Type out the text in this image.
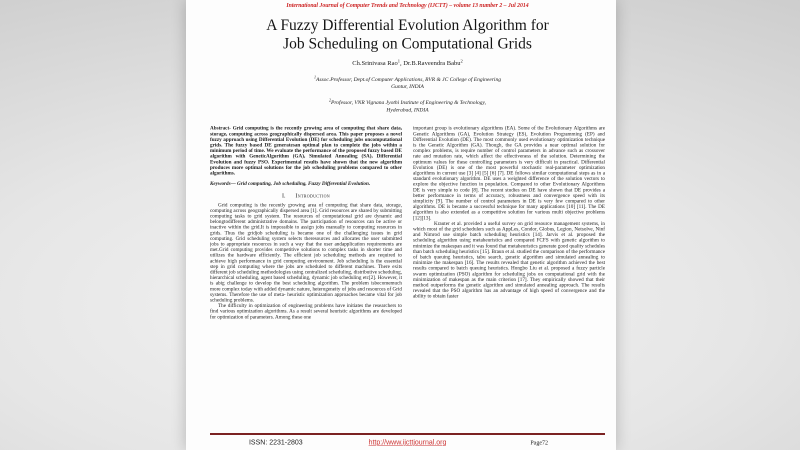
International Journal of Computer Trends and Technology (IJCTT) – volume 13 number 2 – Jul 2014
A Fuzzy Differential Evolution Algorithm for
Job Scheduling on Computational Grids
Ch.Srinivasa Rao$^1$, Dr.B.Raveendra Babu$^2$
$^1$Assoc.Professor, Dept.of Computer Applications, RVR & JC College of Engineering
Guntur, INDIA
$^2$Professor, VNR Vignana Jyothi Institute of Engineering & Technology,
Hyderabad, INDIA

Abstract- Grid computing is the recently growing area of computing that share data, storage, computing across geographically dispersed area. This paper proposes a novel fuzzy approach using Differential Evolution (DE) for scheduling jobs oncomputational grids. The fuzzy based DE generatesan optimal plan to complete the jobs within a minimum period of time. We evaluate the performance of the proposed fuzzy based DE algorithm with GeneticAlgorithm (GA), Simulated Annealing (SA), Differential Evolution and fuzzy PSO. Experimental results have shown that the new algorithm produces more optimal solutions for the job scheduling problems compared to other algorithms.

Keywords— Grid computing, Job scheduling, Fuzzy Differential Evolution.

I. Introduction

Grid computing is the recently growing area of computing that share data, storage, computing across geographically dispersed area [1]. Grid resources are shared by submitting computing tasks to grid system. The resources of computational grid are dynamic and belongtodifferent administrative domains. The participation of resources can be active or inactive within the grid.It is impossible to assign jobs manually to computing resources in grids. Thus the gridjob scheduling is became one of the challenging issues in grid computing. Grid scheduling system selects theresources and allocates the user submitted jobs to appropriate resources in such a way that the user andapplication requirements are met.Grid computing provides competitive solutions to complex tasks in shorter time and utilizes the hardware efficiently. The efficient job scheduling methods are required to achieve high performance in grid computing environment. Job scheduling is the essential step in grid computing where the jobs are scheduled to different machines. There exits different job scheduling methodologies using centralized scheduling, distributive scheduling, hierarchical scheduling, agent based scheduling, dynamic job scheduling etc[2]. However, it is abig challenge to develop the best scheduling algorithm. The problem isbecomemuch more complex today with added dynamic nature, heterogeneity of jobs and resources of Grid systems. Therefore the use of meta- heuristic optimization approaches became vital for job scheduling problems.

The difficulty in optimization of engineering problems have initiates the researchers to find various optimization algorithms. As a result several heuristic algorithms are developed for optimization of parameters. Among these one

important group is evolutionary algorithms (EA). Some of the Evolutionary Algorithms are Genetic Algorithms (GA), Evolution Strategy (ES), Evolution Programming (EP) and Differential Evolution (DE). The most commonly used evolutionary optimization technique is the Genetic Algorithm (GA). Though, the GA provides a near optimal solution for complex problems, is require number of control parameters in advance such as crossover rate and mutation rate, which affect the effectiveness of the solution. Determining the optimum values for these controlling parameters is very difficult in practical. Differential Evolution (DE) is one of the most powerful stochastic real-parameter optimization algorithms in current use [3] [4] [5] [6] [7]. DE follows similar computational steps as in a standard evolutionary algorithm. DE uses a weighted difference of the solution vectors to explore the objective function in population. Compared to other Evolutionary Algorithms DE is very simple to code [8]. The recent studies on DE have shown that DE provides a better performance in terms of accuracy, robustness and convergence speed with its simplicity [9]. The number of control parameters in DE is very few compared to other algorithms. DE is became a successful technique for many applications [10] [11]. The DE algorithm is also extended as a competitive solution for various multi objective problems [12][13].

Krauter et al. provided a useful survey on grid resource management systems, in which most of the grid schedulers such as AppLes, Condor, Globus, Legion, Netsolve, Ninf and Nimrod use simple batch scheduling heuristics [14]. Jarvis et al. proposed the scheduling algorithm using metaheuristics and compared FCFS with genetic algorithm to minimize the makespan and it was found that metaheuristics generate good quality schedules than batch scheduling heuristics [15]. Braun et al. studied the comparison of the performance of batch queuing heuristics, tabu search, genetic algorithm and simulated annealing to minimize the makespan [16]. The results revealed that genetic algorithm achieved the best results compared to batch queuing heuristics. Hongbo Liu et al. proposed a fuzzy particle swarm optimization (PSO) algorithm for scheduling jobs on computational grid with the minimization of makespan as the main criterion [17]. They empirically showed that their method outperforms the genetic algorithm and simulated annealing approach. The results revealed that the PSO algorithm has an advantage of high speed of convergence and the ability to obtain faster

ISSN: 2231-2803	http://www.ijcttjournal.org	Page72
